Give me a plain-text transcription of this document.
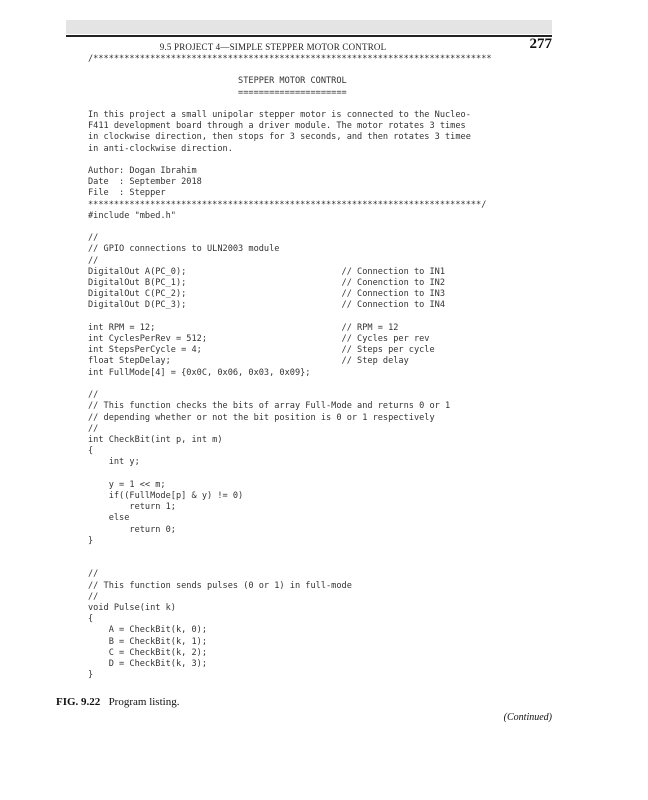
9.5 PROJECT 4—SIMPLE STEPPER MOTOR CONTROL	277
/*****************************************************************************

STEPPER MOTOR CONTROL
=====================

In this project a small unipolar stepper motor is connected to the Nucleo-
F411 development board through a driver module. The motor rotates 3 times
in clockwise direction, then stops for 3 seconds, and then rotates 3 timee
in anti-clockwise direction.

Author: Dogan Ibrahim
Date  : September 2018
File  : Stepper
****************************************************************************/
#include "mbed.h"

//
// GPIO connections to ULN2003 module
//
DigitalOut A(PC_0);                              // Connection to IN1
DigitalOut B(PC_1);                              // Conenction to IN2
DigitalOut C(PC_2);                              // Connection to IN3
DigitalOut D(PC_3);                              // Connection to IN4

int RPM = 12;                                    // RPM = 12
int CyclesPerRev = 512;                          // Cycles per rev
int StepsPerCycle = 4;                           // Steps per cycle
float StepDelay;                                 // Step delay
int FullMode[4] = {0x0C, 0x06, 0x03, 0x09};

//
// This function checks the bits of array Full-Mode and returns 0 or 1
// depending whether or not the bit position is 0 or 1 respectively
//
int CheckBit(int p, int m)
{
int y;

y = 1 << m;
if((FullMode[p] & y) != 0)
return 1;
else
return 0;
}

//
// This function sends pulses (0 or 1) in full-mode
//
void Pulse(int k)
{
A = CheckBit(k, 0);
B = CheckBit(k, 1);
C = CheckBit(k, 2);
D = CheckBit(k, 3);
}
FIG. 9.22 Program listing.
(Continued)
